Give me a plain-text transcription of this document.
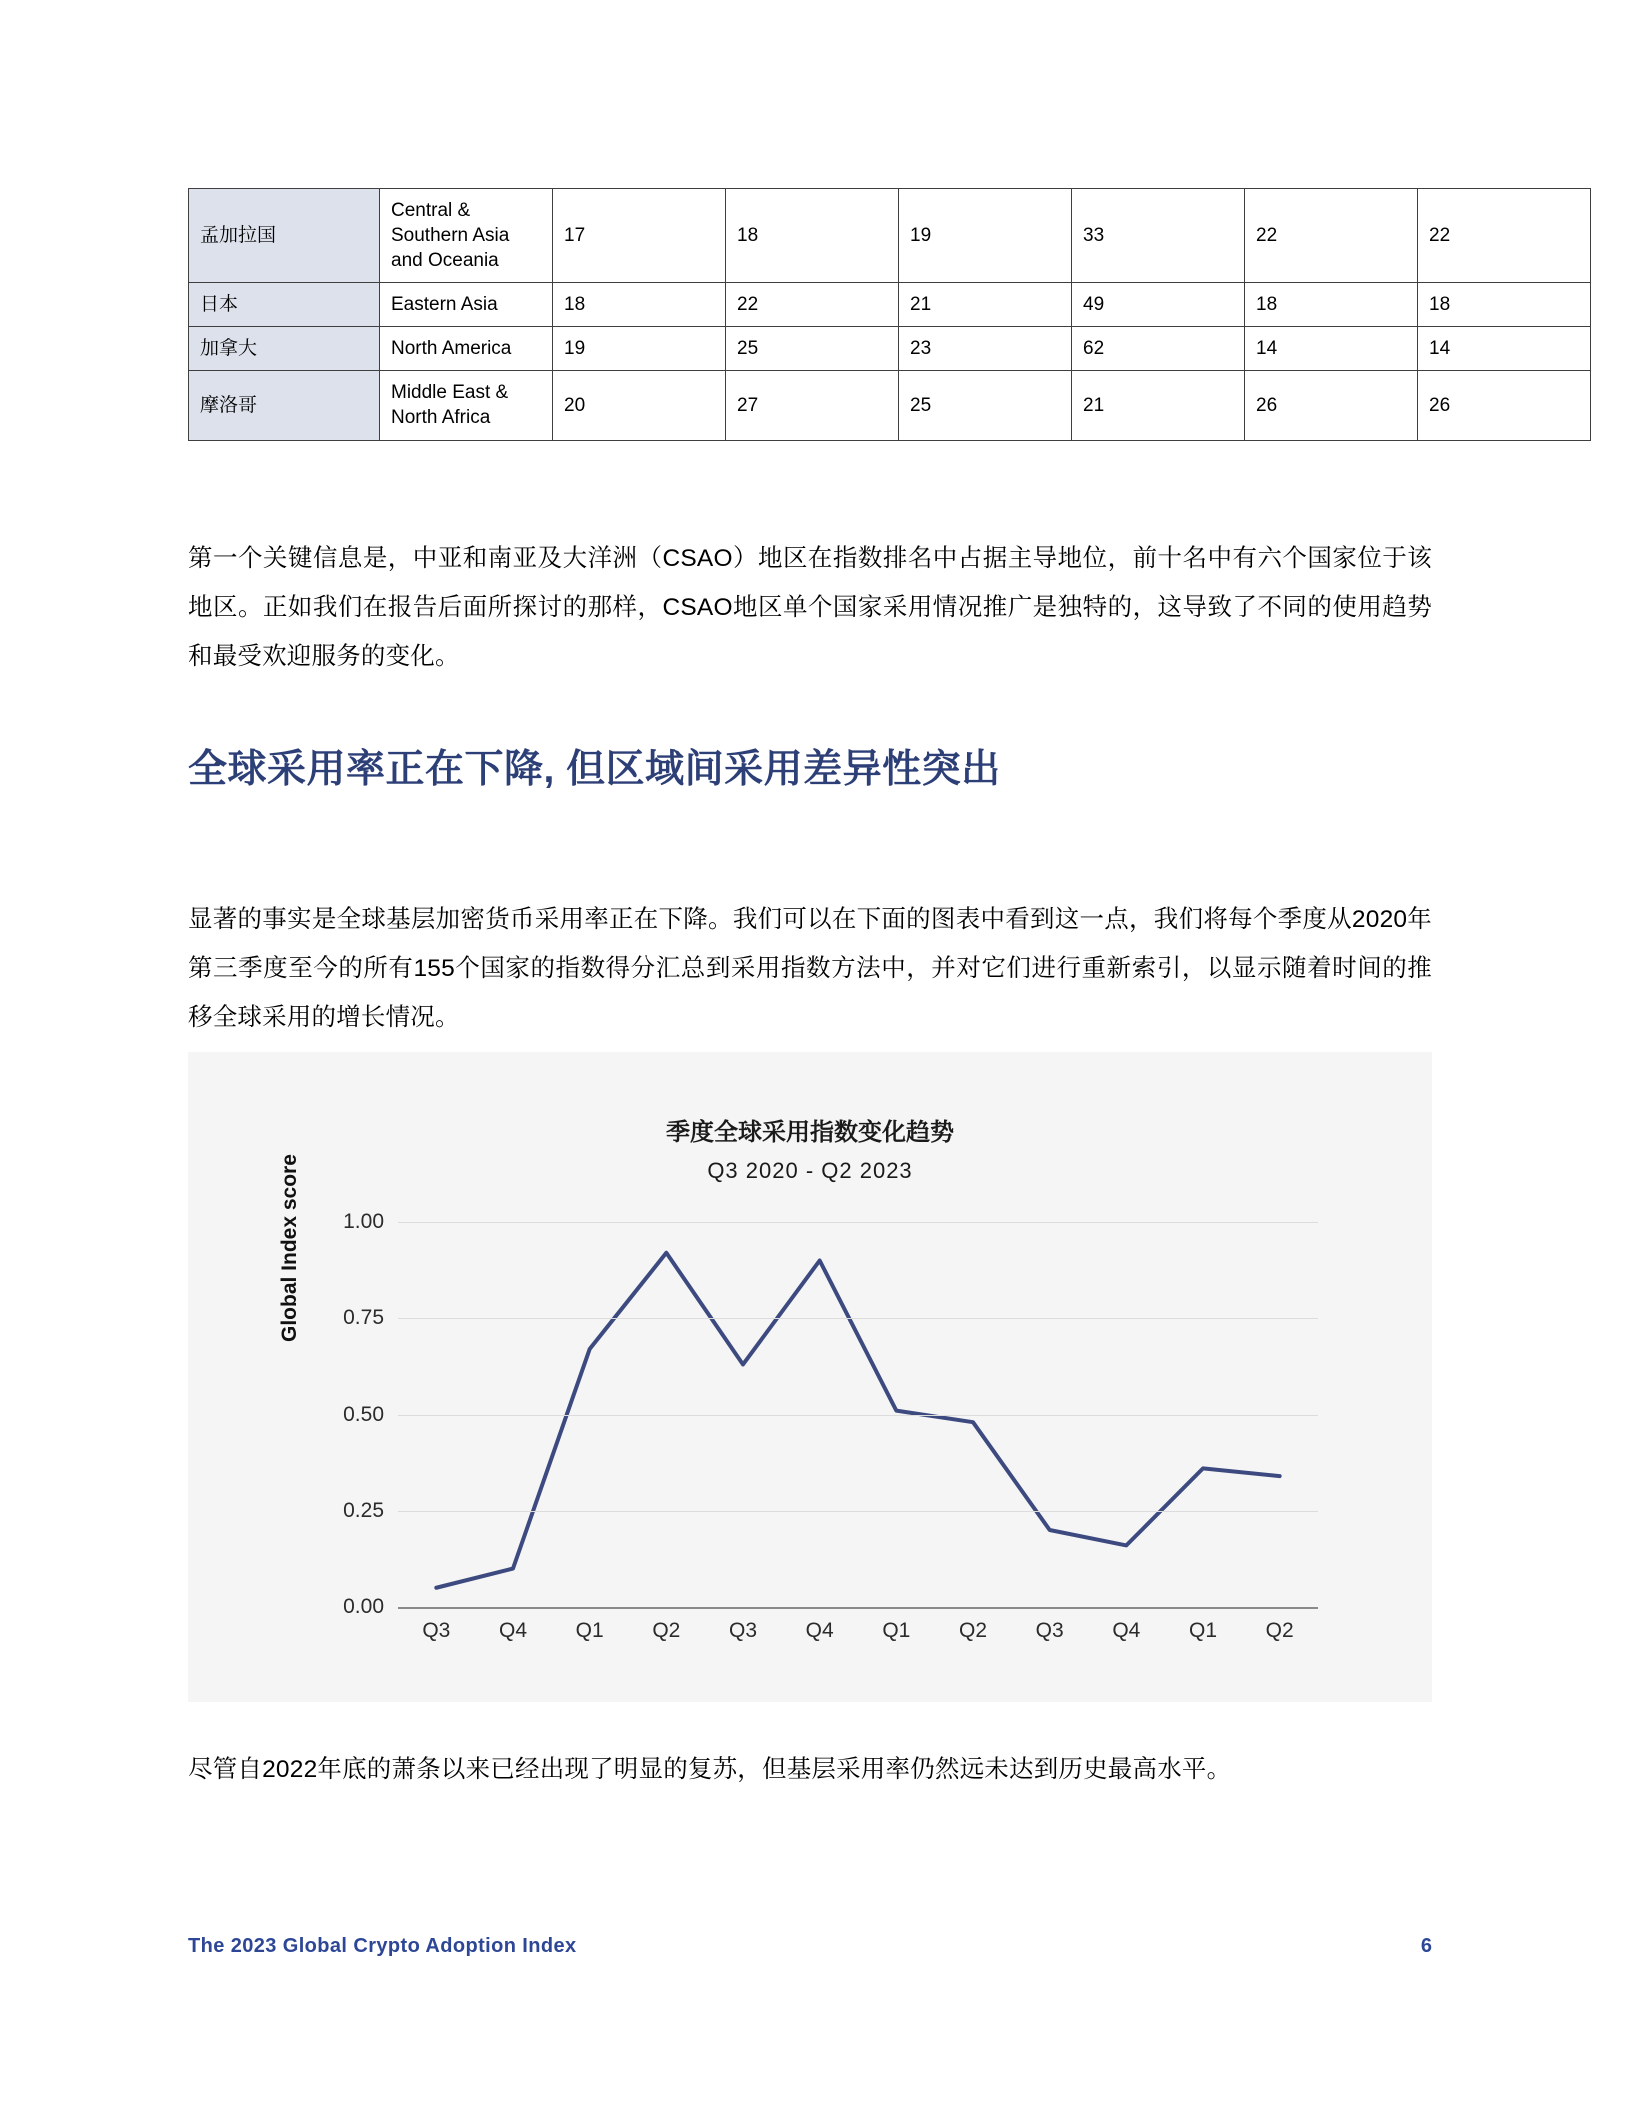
孟加拉国	Central & Southern Asia and Oceania	17	18	19	33	22	22
日本	Eastern Asia	18	22	21	49	18	18
加拿大	North America	19	25	23	62	14	14
摩洛哥	Middle East & North Africa	20	27	25	21	26	26
第一个关键信息是，中亚和南亚及大洋洲（CSAO）地区在指数排名中占据主导地位，前十名中有六个国家位于该地区。正如我们在报告后面所探讨的那样，CSAO地区单个国家采用情况推广是独特的，这导致了不同的使用趋势和最受欢迎服务的变化。
全球采用率正在下降, 但区域间采用差异性突出
显著的事实是全球基层加密货币采用率正在下降。我们可以在下面的图表中看到这一点，我们将每个季度从2020年第三季度至今的所有155个国家的指数得分汇总到采用指数方法中，并对它们进行重新索引，以显示随着时间的推移全球采用的增长情况。
季度全球采用指数变化趋势
Q3 2020 - Q2 2023
Global Index score
0.00
0.25
0.50
0.75
1.00
Q3 Q4 Q1 Q2 Q3 Q4 Q1 Q2 Q3 Q4 Q1 Q2
尽管自2022年底的萧条以来已经出现了明显的复苏，但基层采用率仍然远未达到历史最高水平。
The 2023 Global Crypto Adoption Index	6
